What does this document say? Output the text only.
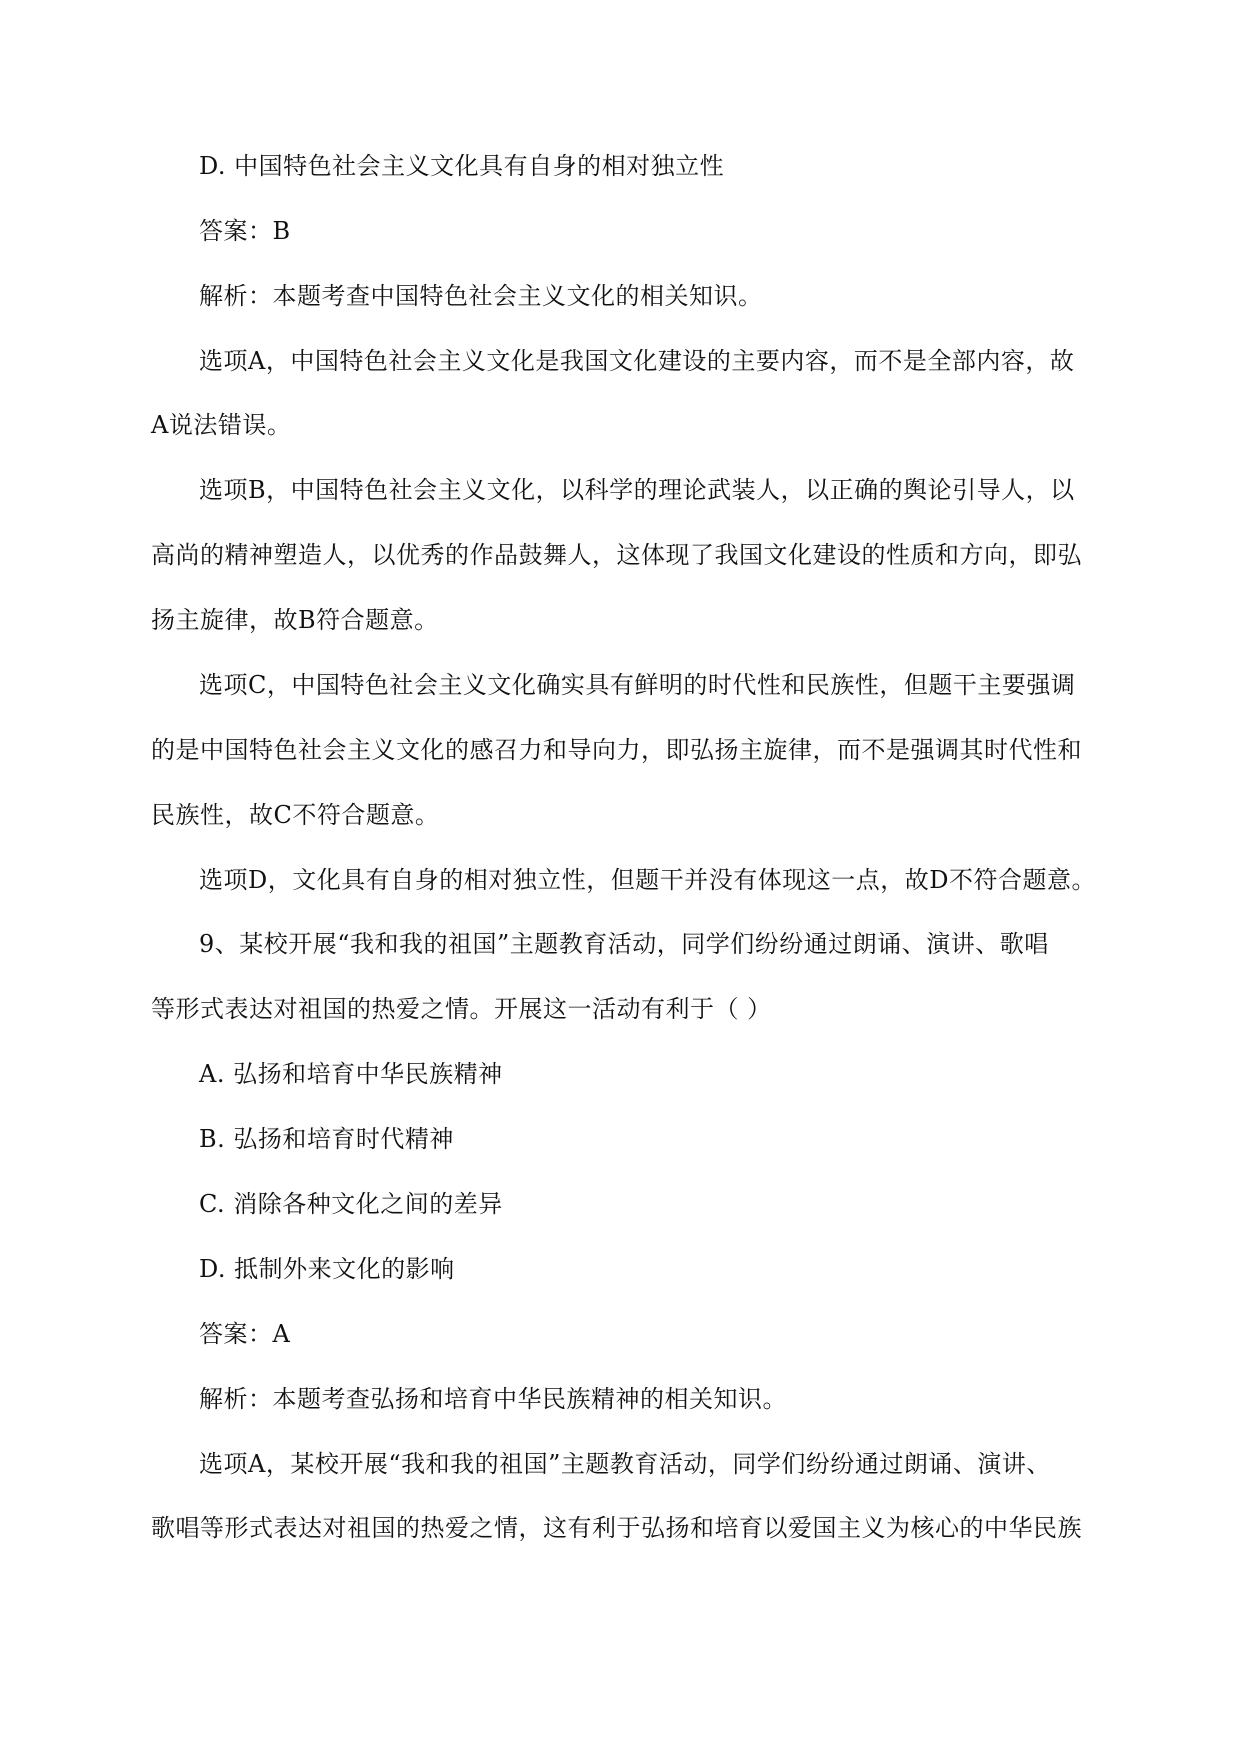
D. 中国特色社会主义文化具有自身的相对独立性
答案：B
解析：本题考查中国特色社会主义文化的相关知识。
选项A，中国特色社会主义文化是我国文化建设的主要内容，而不是全部内容，故
A说法错误。
选项B，中国特色社会主义文化，以科学的理论武装人，以正确的舆论引导人，以
高尚的精神塑造人，以优秀的作品鼓舞人，这体现了我国文化建设的性质和方向，即弘
扬主旋律，故B符合题意。
选项C，中国特色社会主义文化确实具有鲜明的时代性和民族性，但题干主要强调
的是中国特色社会主义文化的感召力和导向力，即弘扬主旋律，而不是强调其时代性和
民族性，故C不符合题意。
选项D，文化具有自身的相对独立性，但题干并没有体现这一点，故D不符合题意。
9、某校开展“我和我的祖国”主题教育活动，同学们纷纷通过朗诵、演讲、歌唱
等形式表达对祖国的热爱之情。开展这一活动有利于（ ）
A. 弘扬和培育中华民族精神
B. 弘扬和培育时代精神
C. 消除各种文化之间的差异
D. 抵制外来文化的影响
答案：A
解析：本题考查弘扬和培育中华民族精神的相关知识。
选项A，某校开展“我和我的祖国”主题教育活动，同学们纷纷通过朗诵、演讲、
歌唱等形式表达对祖国的热爱之情，这有利于弘扬和培育以爱国主义为核心的中华民族
